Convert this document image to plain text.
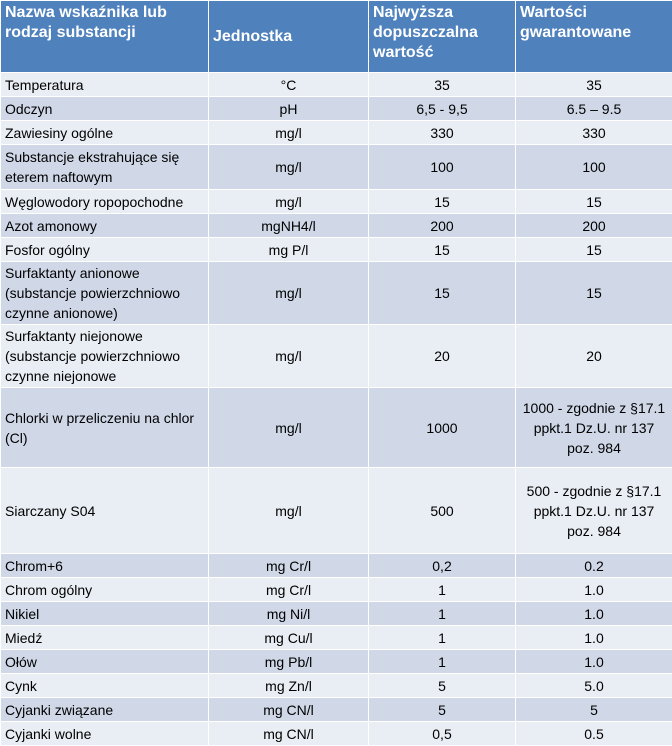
Nazwa wskaźnika lub rodzaj substancji	Jednostka	Najwyższa dopuszczalna wartość	Wartości gwarantowane
Temperatura	°C	35	35
Odczyn	pH	6,5 - 9,5	6.5 – 9.5
Zawiesiny ogólne	mg/l	330	330
Substancje ekstrahujące się eterem naftowym	mg/l	100	100
Węglowodory ropopochodne	mg/l	15	15
Azot amonowy	mgNH4/l	200	200
Fosfor ogólny	mg P/l	15	15
Surfaktanty anionowe (substancje powierzchniowo czynne anionowe)	mg/l	15	15
Surfaktanty niejonowe (substancje powierzchniowo czynne niejonowe	mg/l	20	20
Chlorki w przeliczeniu na chlor (Cl)	mg/l	1000	1000 - zgodnie z §17.1 ppkt.1 Dz.U. nr 137 poz. 984
Siarczany S04	mg/l	500	500 - zgodnie z §17.1 ppkt.1 Dz.U. nr 137 poz. 984
Chrom+6	mg Cr/l	0,2	0.2
Chrom ogólny	mg Cr/l	1	1.0
Nikiel	mg Ni/l	1	1.0
Miedź	mg Cu/l	1	1.0
Ołów	mg Pb/l	1	1.0
Cynk	mg Zn/l	5	5.0
Cyjanki związane	mg CN/l	5	5
Cyjanki wolne	mg CN/l	0,5	0.5
